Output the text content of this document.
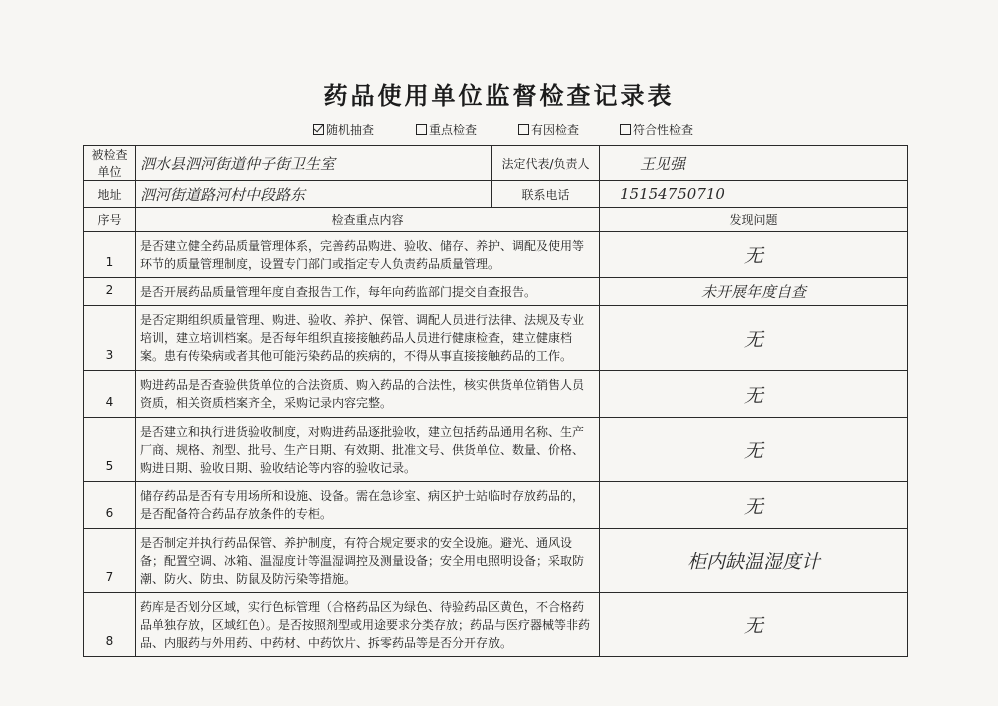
药品使用单位监督检查记录表
随机抽查	重点检查	有因检查	符合性检查
被检查单位	泗水县泗河街道仲子街卫生室	法定代表/负责人	王见强
地址	泗河街道路河村中段路东	联系电话	15154750710
序号	检查重点内容		发现问题
1	是否建立健全药品质量管理体系，完善药品购进、验收、储存、养护、调配及使用等环节的质量管理制度，设置专门部门或指定专人负责药品质量管理。		无
2	是否开展药品质量管理年度自查报告工作，每年向药监部门提交自查报告。		未开展年度自查
3	是否定期组织质量管理、购进、验收、养护、保管、调配人员进行法律、法规及专业培训，建立培训档案。是否每年组织直接接触药品人员进行健康检查，建立健康档案。患有传染病或者其他可能污染药品的疾病的，不得从事直接接触药品的工作。		无
4	购进药品是否查验供货单位的合法资质、购入药品的合法性，核实供货单位销售人员资质，相关资质档案齐全，采购记录内容完整。		无
5	是否建立和执行进货验收制度，对购进药品逐批验收，建立包括药品通用名称、生产厂商、规格、剂型、批号、生产日期、有效期、批准文号、供货单位、数量、价格、购进日期、验收日期、验收结论等内容的验收记录。		无
6	储存药品是否有专用场所和设施、设备。需在急诊室、病区护士站临时存放药品的，是否配备符合药品存放条件的专柜。		无
7	是否制定并执行药品保管、养护制度，有符合规定要求的安全设施。避光、通风设备；配置空调、冰箱、温湿度计等温湿调控及测量设备；安全用电照明设备；采取防潮、防火、防虫、防鼠及防污染等措施。		柜内缺温湿度计
8	药库是否划分区域，实行色标管理（合格药品区为绿色、待验药品区黄色，不合格药品单独存放，区域红色）。是否按照剂型或用途要求分类存放；药品与医疗器械等非药品、内服药与外用药、中药材、中药饮片、拆零药品等是否分开存放。		无
